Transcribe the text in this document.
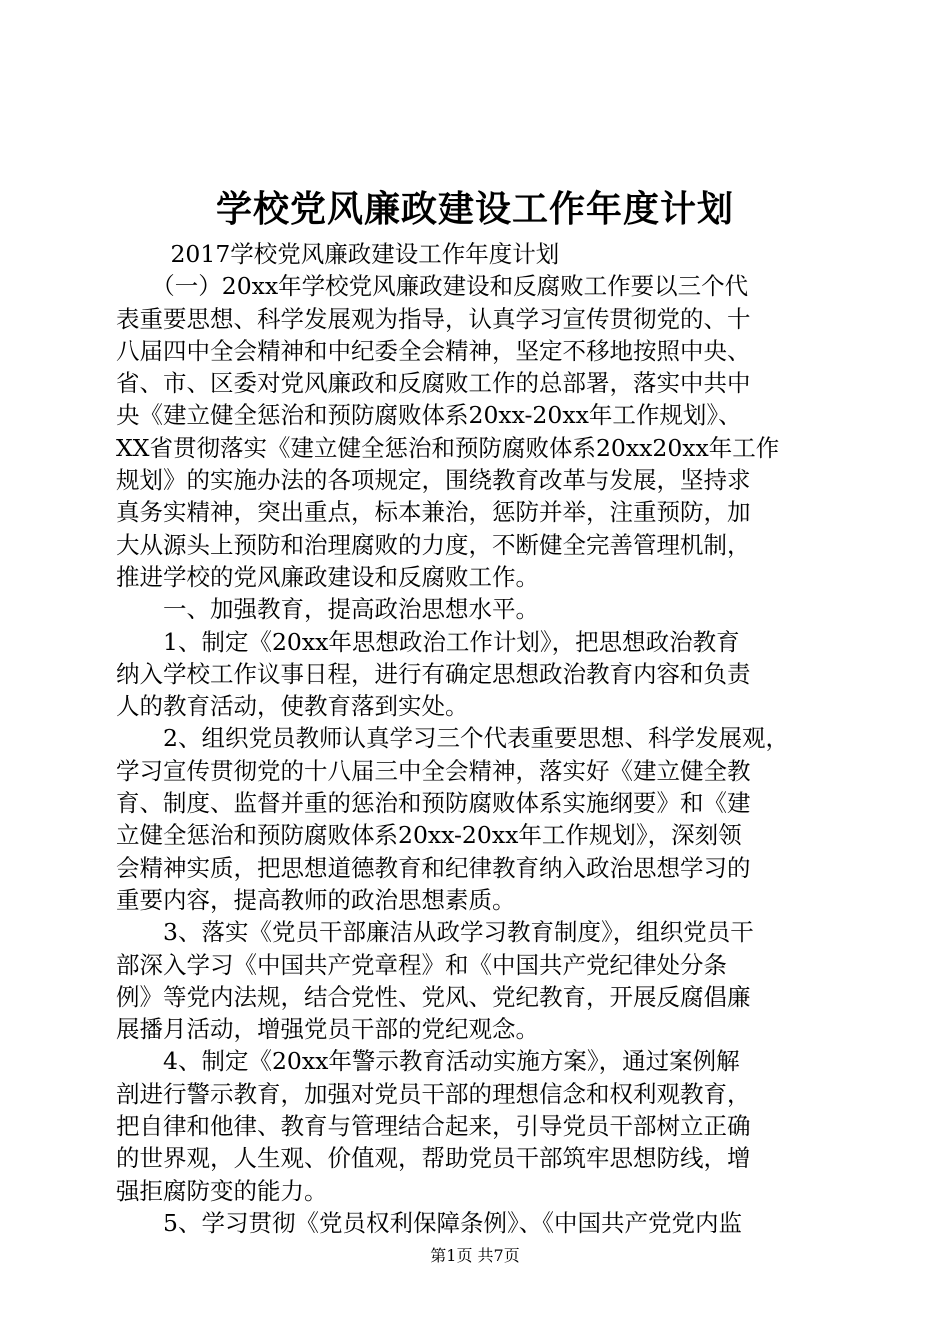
学校党风廉政建设工作年度计划
　 　2017学校党风廉政建设工作年度计划
　　（一）20xx年学校党风廉政建设和反腐败工作要以三个代
表重要思想、科学发展观为指导，认真学习宣传贯彻党的、十
八届四中全会精神和中纪委全会精神，坚定不移地按照中央、
省、市、区委对党风廉政和反腐败工作的总部署，落实中共中
央《建立健全惩治和预防腐败体系20xx-20xx年工作规划》、
XX省贯彻落实《建立健全惩治和预防腐败体系20xx20xx年工作
规划》的实施办法的各项规定，围绕教育改革与发展，坚持求
真务实精神，突出重点，标本兼治，惩防并举，注重预防，加
大从源头上预防和治理腐败的力度，不断健全完善管理机制，
推进学校的党风廉政建设和反腐败工作。
　　一、加强教育，提高政治思想水平。
　　1、制定《20xx年思想政治工作计划》，把思想政治教育
纳入学校工作议事日程，进行有确定思想政治教育内容和负责
人的教育活动，使教育落到实处。
　　2、组织党员教师认真学习三个代表重要思想、科学发展观，
学习宣传贯彻党的十八届三中全会精神，落实好《建立健全教
育、制度、监督并重的惩治和预防腐败体系实施纲要》和《建
立健全惩治和预防腐败体系20xx-20xx年工作规划》，深刻领
会精神实质，把思想道德教育和纪律教育纳入政治思想学习的
重要内容，提高教师的政治思想素质。
　　3、落实《党员干部廉洁从政学习教育制度》，组织党员干
部深入学习《中国共产党章程》和《中国共产党纪律处分条
例》等党内法规，结合党性、党风、党纪教育，开展反腐倡廉
展播月活动，增强党员干部的党纪观念。
　　4、制定《20xx年警示教育活动实施方案》，通过案例解
剖进行警示教育，加强对党员干部的理想信念和权利观教育，
把自律和他律、教育与管理结合起来，引导党员干部树立正确
的世界观，人生观、价值观，帮助党员干部筑牢思想防线，增
强拒腐防变的能力。
　　5、学习贯彻《党员权利保障条例》、《中国共产党党内监
第1页 共7页
